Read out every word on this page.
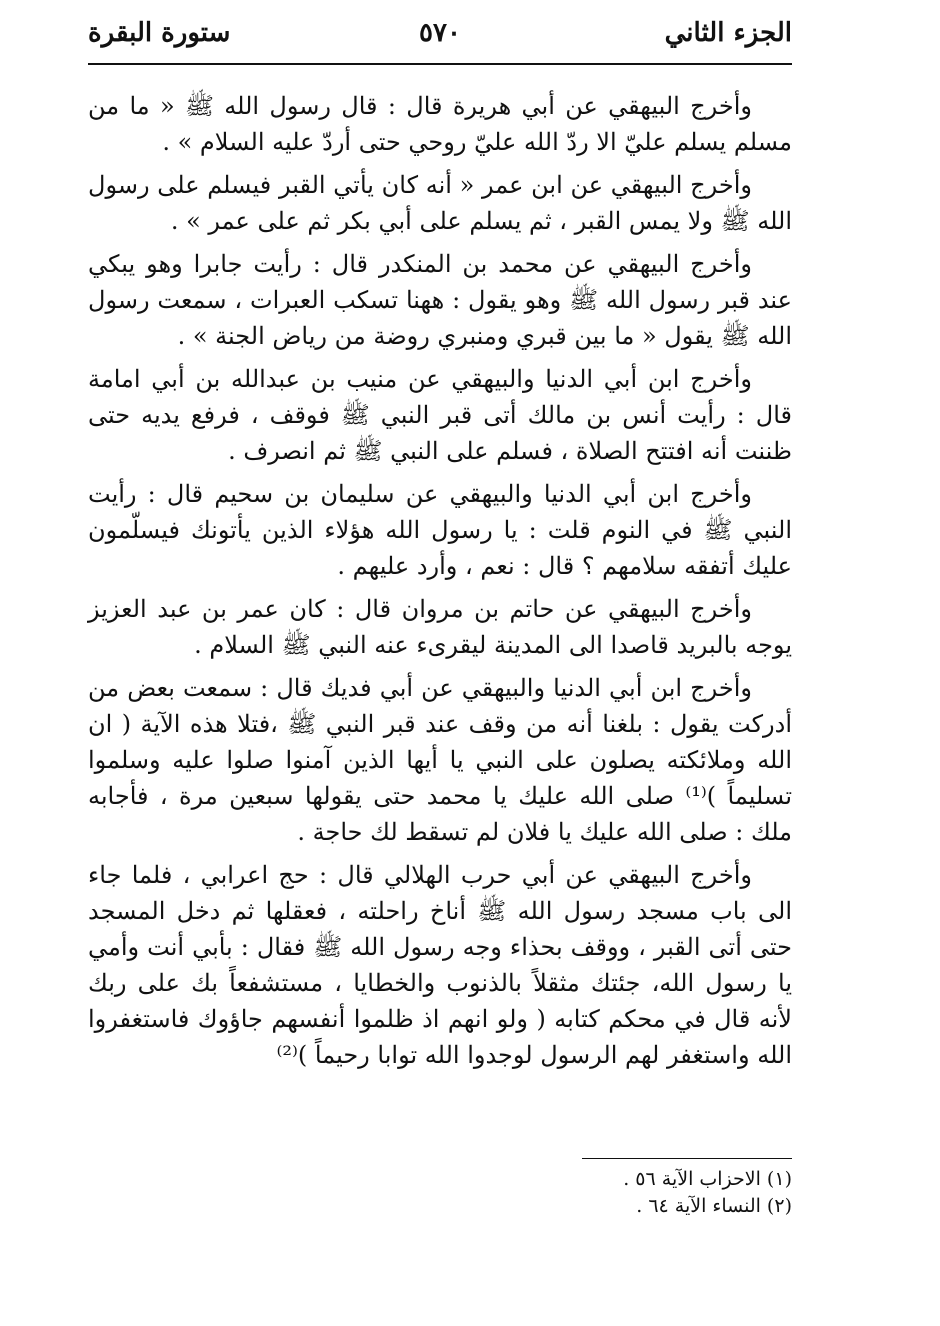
الجزء الثاني
٥٧٠
ستورة البقرة

وأخرج البيهقي عن أبي هريرة قال : قال رسول الله ﷺ « ما من مسلم يسلم عليّ الا ردّ الله عليّ روحي حتى أردّ عليه السلام » .

وأخرج البيهقي عن ابن عمر « أنه كان يأتي القبر فيسلم على رسول الله ﷺ ولا يمس القبر ، ثم يسلم على أبي بكر ثم على عمر » .

وأخرج البيهقي عن محمد بن المنكدر قال : رأيت جابرا وهو يبكي عند قبر رسول الله ﷺ وهو يقول : ههنا تسكب العبرات ، سمعت رسول الله ﷺ يقول « ما بين قبري ومنبري روضة من رياض الجنة » .

وأخرج ابن أبي الدنيا والبيهقي عن منيب بن عبدالله بن أبي امامة قال : رأيت أنس بن مالك أتى قبر النبي ﷺ فوقف ، فرفع يديه حتى ظننت أنه افتتح الصلاة ، فسلم على النبي ﷺ ثم انصرف .

وأخرج ابن أبي الدنيا والبيهقي عن سليمان بن سحيم قال : رأيت النبي ﷺ في النوم قلت : يا رسول الله هؤلاء الذين يأتونك فيسلّمون عليك أتفقه سلامهم ؟ قال : نعم ، وأرد عليهم .

وأخرج البيهقي عن حاتم بن مروان قال : كان عمر بن عبد العزيز يوجه بالبريد قاصدا الى المدينة ليقرىء عنه النبي ﷺ السلام .

وأخرج ابن أبي الدنيا والبيهقي عن أبي فديك قال : سمعت بعض من أدركت يقول : بلغنا أنه من وقف عند قبر النبي ﷺ ،فتلا هذه الآية ( ان الله وملائكته يصلون على النبي يا أيها الذين آمنوا صلوا عليه وسلموا تسليماً )⁽¹⁾ صلى الله عليك يا محمد حتى يقولها سبعين مرة ، فأجابه ملك : صلى الله عليك يا فلان لم تسقط لك حاجة .

وأخرج البيهقي عن أبي حرب الهلالي قال : حج اعرابي ، فلما جاء الى باب مسجد رسول الله ﷺ أناخ راحلته ، فعقلها ثم دخل المسجد حتى أتى القبر ، ووقف بحذاء وجه رسول الله ﷺ فقال : بأبي أنت وأمي يا رسول الله، جئتك مثقلاً بالذنوب والخطايا ، مستشفعاً بك على ربك لأنه قال في محكم كتابه ( ولو انهم اذ ظلموا أنفسهم جاؤوك فاستغفروا الله واستغفر لهم الرسول لوجدوا الله توابا رحيماً )⁽²⁾

(١) الاحزاب الآية ٥٦ .
(٢) النساء الآية ٦٤ .
